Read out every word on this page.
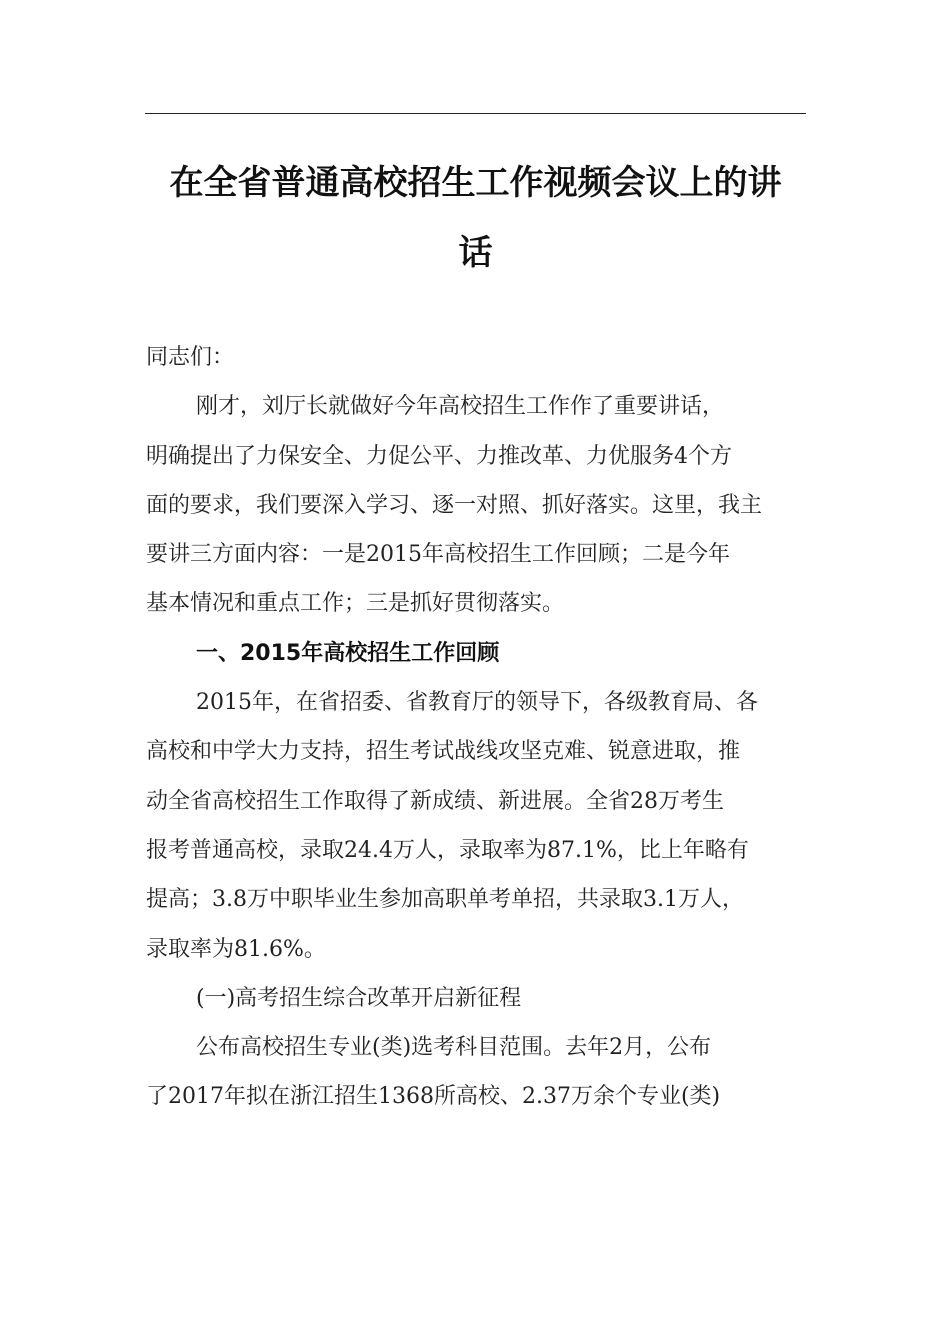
在全省普通高校招生工作视频会议上的讲
话

同志们：

刚才，刘厅长就做好今年高校招生工作作了重要讲话，

明确提出了力保安全、力促公平、力推改革、力优服务4个方

面的要求，我们要深入学习、逐一对照、抓好落实。这里，我主

要讲三方面内容：一是2015年高校招生工作回顾；二是今年

基本情况和重点工作；三是抓好贯彻落实。

一、2015年高校招生工作回顾

2015年，在省招委、省教育厅的领导下，各级教育局、各

高校和中学大力支持，招生考试战线攻坚克难、锐意进取，推

动全省高校招生工作取得了新成绩、新进展。全省28万考生

报考普通高校，录取24.4万人，录取率为87.1%，比上年略有

提高；3.8万中职毕业生参加高职单考单招，共录取3.1万人，

录取率为81.6%。

(一)高考招生综合改革开启新征程

公布高校招生专业(类)选考科目范围。去年2月，公布

了2017年拟在浙江招生1368所高校、2.37万余个专业(类)
